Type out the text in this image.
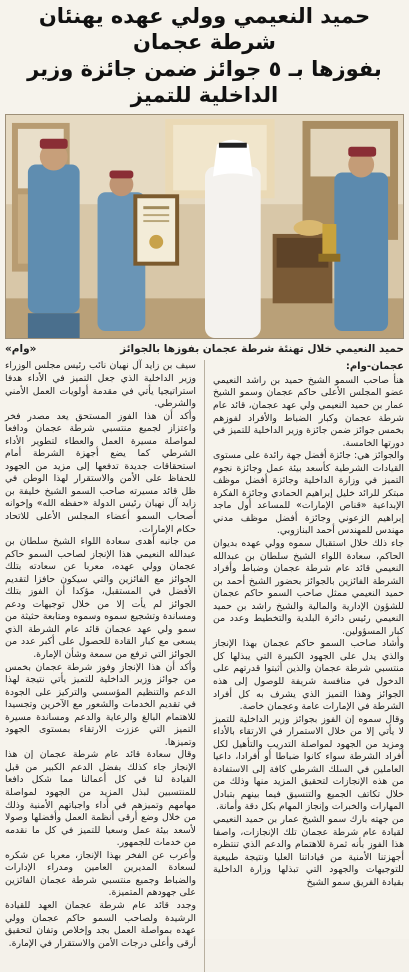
حميد النعيمي وولي عهده يهنئان شرطة عجمان
بفوزها بـ ٥ جوائز ضمن جائزة وزير الداخلية للتميز
حميد النعيمي خلال تهنئة شرطة عجمان بفوزها بالجوائز
«وام»
عجمان-وام:

هنأ صاحب السمو الشيخ حميد بن راشد النعيمي عضو المجلس الأعلى حاكم عجمان وسمو الشيخ عمار بن حميد النعيمي ولي عهد عجمان، قائد عام شرطة عجمان وكبار الضباط والأفراد لفوزهم بخمس جوائز ضمن جائزة وزير الداخلية للتميز في دورتها الخامسة.

والجوائز هي: جائزة أفضل جهة رائدة على مستوى القيادات الشرطية كأسعد بيئة عمل وجائزة نجوم التميز في وزارة الداخلية وجائزة أفضل موظف مبتكر للرائد خليل إبراهيم الحمادي وجائزة الفكرة الإبداعية «قناص الإمارات» للمساعد أول ماجد إبراهيم الزعوني وجائزة أفضل موظف مدني مهندس للمهندس أحمد البنازوبي.

جاء ذلك خلال استقبال سموه وولي عهده بديوان الحاكم، سعادة اللواء الشيخ سلطان بن عبدالله النعيمي قائد عام شرطة عجمان وضباط وأفراد الشرطة الفائزين بالجوائز بحضور الشيخ أحمد بن حميد النعيمي ممثل صاحب السمو حاكم عجمان للشؤون الإدارية والمالية والشيخ راشد بن حميد النعيمي رئيس دائرة البلدية والتخطيط وعدد من كبار المسؤولين.

وأشاد صاحب السمو حاكم عجمان بهذا الإنجاز والذي يدل على الجهود الكبيرة التي يبذلها كل منتسبي شرطة عجمان والذين أثبتوا قدرتهم على الدخول في منافسة شريفة للوصول إلى هذه الجوائز وهذا التميز الذي يشرف به كل أفراد الشرطة في الإمارات عامة وعجمان خاصة.

وقال سموه إن الفوز بجوائز وزير الداخلية للتميز لا يأتي إلا من خلال الاستمرار في الارتقاء بالأداء ومزيد من الجهود لمواصلة التدريب والتأهيل لكل أفراد الشرطة سواء كانوا ضباطا أو أفرادا، داعيا العاملين في السلك الشرطي كافة إلى الاستفادة من هذه الإنجازات لتحقيق المزيد منها وذلك من خلال تكاتف الجميع والتنسيق فيما بينهم بتبادل المهارات والخبرات وإنجاز المهام بكل دقة وأمانة.

من جهته بارك سمو الشيخ عمار بن حميد النعيمي لقيادة عام شرطة عجمان تلك الإنجازات، واصفا هذا الفوز بأنه ثمرة للاهتمام والدعم الذي تنتظره أجهزتنا الأمنية من قياداتنا العليا ونتيجة طبيعية للتوجيهات والجهود التي تبذلها وزارة الداخلية بقيادة الفريق سمو الشيخ

سيف بن زايد آل نهيان نائب رئيس مجلس الوزراء وزير الداخلية الذي جعل التميز في الأداء هدفا استراتيجيا يأتي في مقدمة أولويات العمل الأمني والشرطي.

وأكد أن هذا الفوز المستحق يعد مصدر فخر واعتزاز لجميع منتسبي شرطة عجمان ودافعا لمواصلة مسيرة العمل والعطاء لتطوير الأداء الشرطي كما يضع أجهزة الشرطة أمام استحقاقات جديدة تدفعها إلى مزيد من الجهود للحفاظ على الأمن والاستقرار لهذا الوطن في ظل قائد مسيرته صاحب السمو الشيخ خليفة بن زايد آل نهيان رئيس الدولة «حفظه الله» وإخوانه أصحاب السمو أعضاء المجلس الأعلى للاتحاد حكام الإمارات.

من جانبه أهدى سعادة اللواء الشيخ سلطان بن عبدالله النعيمي هذا الإنجاز لصاحب السمو حاكم عجمان وولي عهده، معربا عن سعادته بتلك الجوائز مع الفائزين والتي سيكون حافزا لتقديم الأفضل في المستقبل، مؤكدا أن الفوز بتلك الجوائز لم يأت إلا من خلال توجيهات ودعم ومساندة وتشجيع سموه وسموه ومتابعة حثيثة من سمو ولي عهد عجمان قائد عام الشرطة الذي يسعى مع كبار القادة للحصول على أكبر عدد من الجوائز التي ترفع من سمعة وشأن الإمارة.

وأكد أن هذا الإنجاز وفوز شرطة عجمان بخمس من جوائز وزير الداخلية للتميز يأتي نتيجة لهذا الدعم والتنظيم المؤسسي والتركيز على الجودة في تقديم الخدمات والشعور مع الآخرين وتجسيدا للاهتمام البالغ والرعاية والدعم ومساندة مسيرة التميز التي عززت الارتقاء بمستوى الجهود وتميزها.

وقال سعادة قائد عام شرطة عجمان إن هذا الإنجاز جاء كذلك بفضل الدعم الكبير من قبل القيادة لنا في كل أعمالنا مما شكل دافعا للمنتسبين لبذل المزيد من الجهود لمواصلة مهامهم وتميزهم في أداء واجباتهم الأمنية وذلك من خلال وضع أرقى أنظمة العمل وأفضلها وصولا لأسعد بيئة عمل وسعيا للتميز في كل ما نقدمه من خدمات للجمهور.

وأعرب عن الفخر بهذا الإنجاز، معربا عن شكره لسعادة المديرين العامين ومدراء الإدارات والضباط وجميع منتسبي شرطة عجمان الفائزين على جهودهم المتميزة.

وجدد قائد عام شرطة عجمان العهد للقيادة الرشيدة ولصاحب السمو حاكم عجمان وولي عهده بمواصلة العمل بجد وإخلاص وتفان لتحقيق أرقى وأعلى درجات الأمن والاستقرار في الإمارة.
